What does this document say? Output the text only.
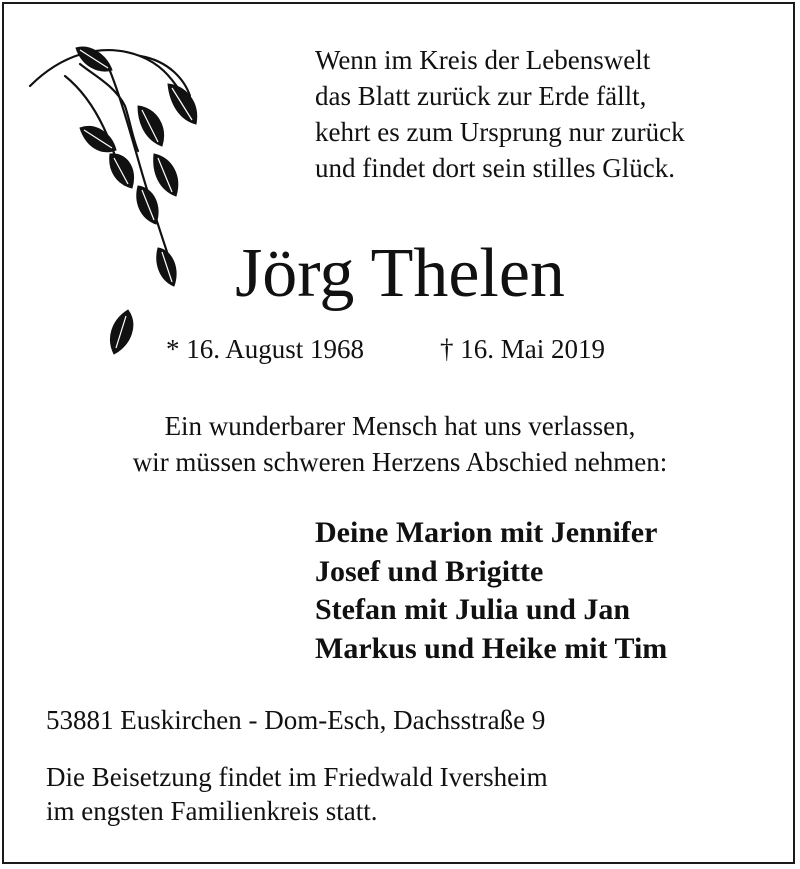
Wenn im Kreis der Lebenswelt
das Blatt zurück zur Erde fällt,
kehrt es zum Ursprung nur zurück
und findet dort sein stilles Glück.
Jörg Thelen
* 16. August 1968	† 16. Mai 2019
Ein wunderbarer Mensch hat uns verlassen,
wir müssen schweren Herzens Abschied nehmen:
Deine Marion mit Jennifer
Josef und Brigitte
Stefan mit Julia und Jan
Markus und Heike mit Tim
53881 Euskirchen - Dom-Esch, Dachsstraße 9
Die Beisetzung findet im Friedwald Iversheim
im engsten Familienkreis statt.
